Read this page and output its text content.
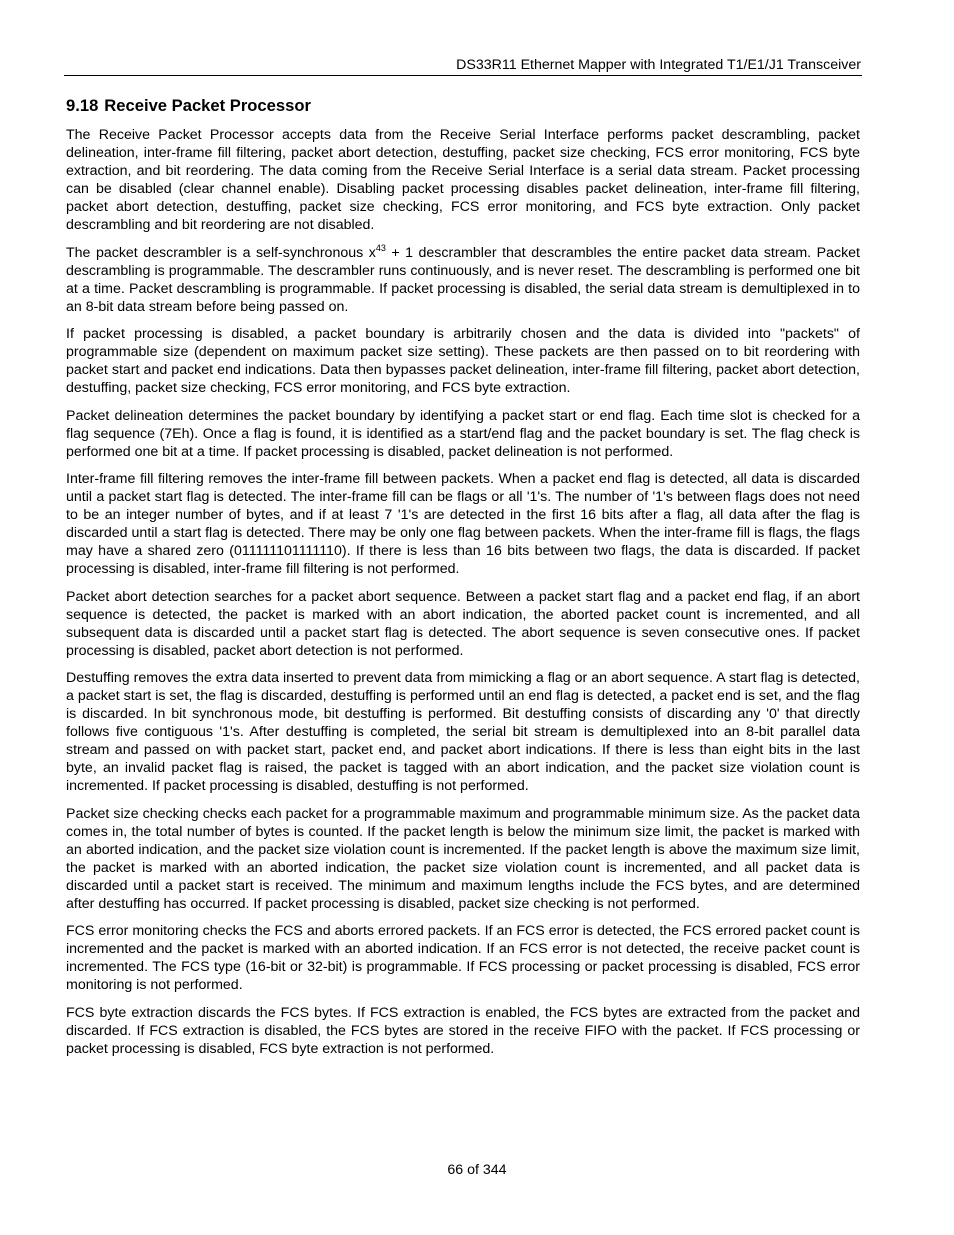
DS33R11 Ethernet Mapper with Integrated T1/E1/J1 Transceiver
9.18 Receive Packet Processor

The Receive Packet Processor accepts data from the Receive Serial Interface performs packet descrambling, packet delineation, inter-frame fill filtering, packet abort detection, destuffing, packet size checking, FCS error monitoring, FCS byte extraction, and bit reordering. The data coming from the Receive Serial Interface is a serial data stream. Packet processing can be disabled (clear channel enable). Disabling packet processing disables packet delineation, inter-frame fill filtering, packet abort detection, destuffing, packet size checking, FCS error monitoring, and FCS byte extraction. Only packet descrambling and bit reordering are not disabled.

The packet descrambler is a self-synchronous $x^{43} + 1$ descrambler that descrambles the entire packet data stream. Packet descrambling is programmable. The descrambler runs continuously, and is never reset. The descrambling is performed one bit at a time. Packet descrambling is programmable. If packet processing is disabled, the serial data stream is demultiplexed in to an 8-bit data stream before being passed on.

If packet processing is disabled, a packet boundary is arbitrarily chosen and the data is divided into "packets" of programmable size (dependent on maximum packet size setting). These packets are then passed on to bit reordering with packet start and packet end indications. Data then bypasses packet delineation, inter-frame fill filtering, packet abort detection, destuffing, packet size checking, FCS error monitoring, and FCS byte extraction.

Packet delineation determines the packet boundary by identifying a packet start or end flag. Each time slot is checked for a flag sequence (7Eh). Once a flag is found, it is identified as a start/end flag and the packet boundary is set. The flag check is performed one bit at a time. If packet processing is disabled, packet delineation is not performed.

Inter-frame fill filtering removes the inter-frame fill between packets. When a packet end flag is detected, all data is discarded until a packet start flag is detected. The inter-frame fill can be flags or all '1's. The number of '1's between flags does not need to be an integer number of bytes, and if at least 7 '1's are detected in the first 16 bits after a flag, all data after the flag is discarded until a start flag is detected. There may be only one flag between packets. When the inter-frame fill is flags, the flags may have a shared zero (011111101111110). If there is less than 16 bits between two flags, the data is discarded. If packet processing is disabled, inter-frame fill filtering is not performed.

Packet abort detection searches for a packet abort sequence. Between a packet start flag and a packet end flag, if an abort sequence is detected, the packet is marked with an abort indication, the aborted packet count is incremented, and all subsequent data is discarded until a packet start flag is detected. The abort sequence is seven consecutive ones. If packet processing is disabled, packet abort detection is not performed.

Destuffing removes the extra data inserted to prevent data from mimicking a flag or an abort sequence. A start flag is detected, a packet start is set, the flag is discarded, destuffing is performed until an end flag is detected, a packet end is set, and the flag is discarded. In bit synchronous mode, bit destuffing is performed. Bit destuffing consists of discarding any '0' that directly follows five contiguous '1's. After destuffing is completed, the serial bit stream is demultiplexed into an 8-bit parallel data stream and passed on with packet start, packet end, and packet abort indications. If there is less than eight bits in the last byte, an invalid packet flag is raised, the packet is tagged with an abort indication, and the packet size violation count is incremented. If packet processing is disabled, destuffing is not performed.

Packet size checking checks each packet for a programmable maximum and programmable minimum size. As the packet data comes in, the total number of bytes is counted. If the packet length is below the minimum size limit, the packet is marked with an aborted indication, and the packet size violation count is incremented. If the packet length is above the maximum size limit, the packet is marked with an aborted indication, the packet size violation count is incremented, and all packet data is discarded until a packet start is received. The minimum and maximum lengths include the FCS bytes, and are determined after destuffing has occurred. If packet processing is disabled, packet size checking is not performed.

FCS error monitoring checks the FCS and aborts errored packets. If an FCS error is detected, the FCS errored packet count is incremented and the packet is marked with an aborted indication. If an FCS error is not detected, the receive packet count is incremented. The FCS type (16-bit or 32-bit) is programmable. If FCS processing or packet processing is disabled, FCS error monitoring is not performed.

FCS byte extraction discards the FCS bytes. If FCS extraction is enabled, the FCS bytes are extracted from the packet and discarded. If FCS extraction is disabled, the FCS bytes are stored in the receive FIFO with the packet. If FCS processing or packet processing is disabled, FCS byte extraction is not performed.

66 of 344
